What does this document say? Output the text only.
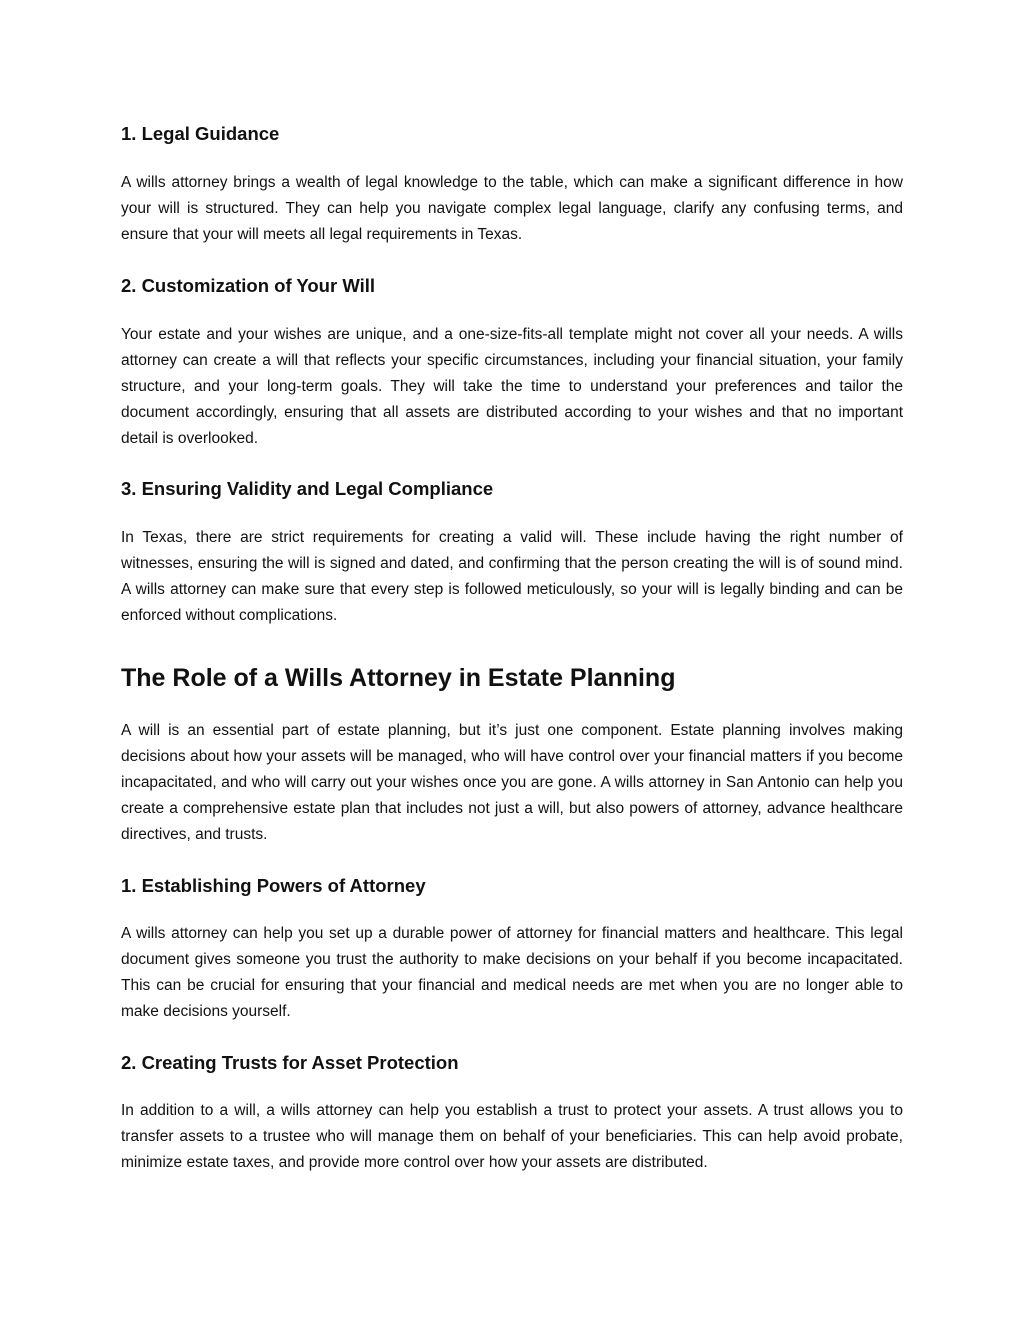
1. Legal Guidance

A wills attorney brings a wealth of legal knowledge to the table, which can make a significant difference in how your will is structured. They can help you navigate complex legal language, clarify any confusing terms, and ensure that your will meets all legal requirements in Texas.

2. Customization of Your Will

Your estate and your wishes are unique, and a one-size-fits-all template might not cover all your needs. A wills attorney can create a will that reflects your specific circumstances, including your financial situation, your family structure, and your long-term goals. They will take the time to understand your preferences and tailor the document accordingly, ensuring that all assets are distributed according to your wishes and that no important detail is overlooked.

3. Ensuring Validity and Legal Compliance

In Texas, there are strict requirements for creating a valid will. These include having the right number of witnesses, ensuring the will is signed and dated, and confirming that the person creating the will is of sound mind. A wills attorney can make sure that every step is followed meticulously, so your will is legally binding and can be enforced without complications.

The Role of a Wills Attorney in Estate Planning

A will is an essential part of estate planning, but it’s just one component. Estate planning involves making decisions about how your assets will be managed, who will have control over your financial matters if you become incapacitated, and who will carry out your wishes once you are gone. A wills attorney in San Antonio can help you create a comprehensive estate plan that includes not just a will, but also powers of attorney, advance healthcare directives, and trusts.

1. Establishing Powers of Attorney

A wills attorney can help you set up a durable power of attorney for financial matters and healthcare. This legal document gives someone you trust the authority to make decisions on your behalf if you become incapacitated. This can be crucial for ensuring that your financial and medical needs are met when you are no longer able to make decisions yourself.

2. Creating Trusts for Asset Protection

In addition to a will, a wills attorney can help you establish a trust to protect your assets. A trust allows you to transfer assets to a trustee who will manage them on behalf of your beneficiaries. This can help avoid probate, minimize estate taxes, and provide more control over how your assets are distributed.
